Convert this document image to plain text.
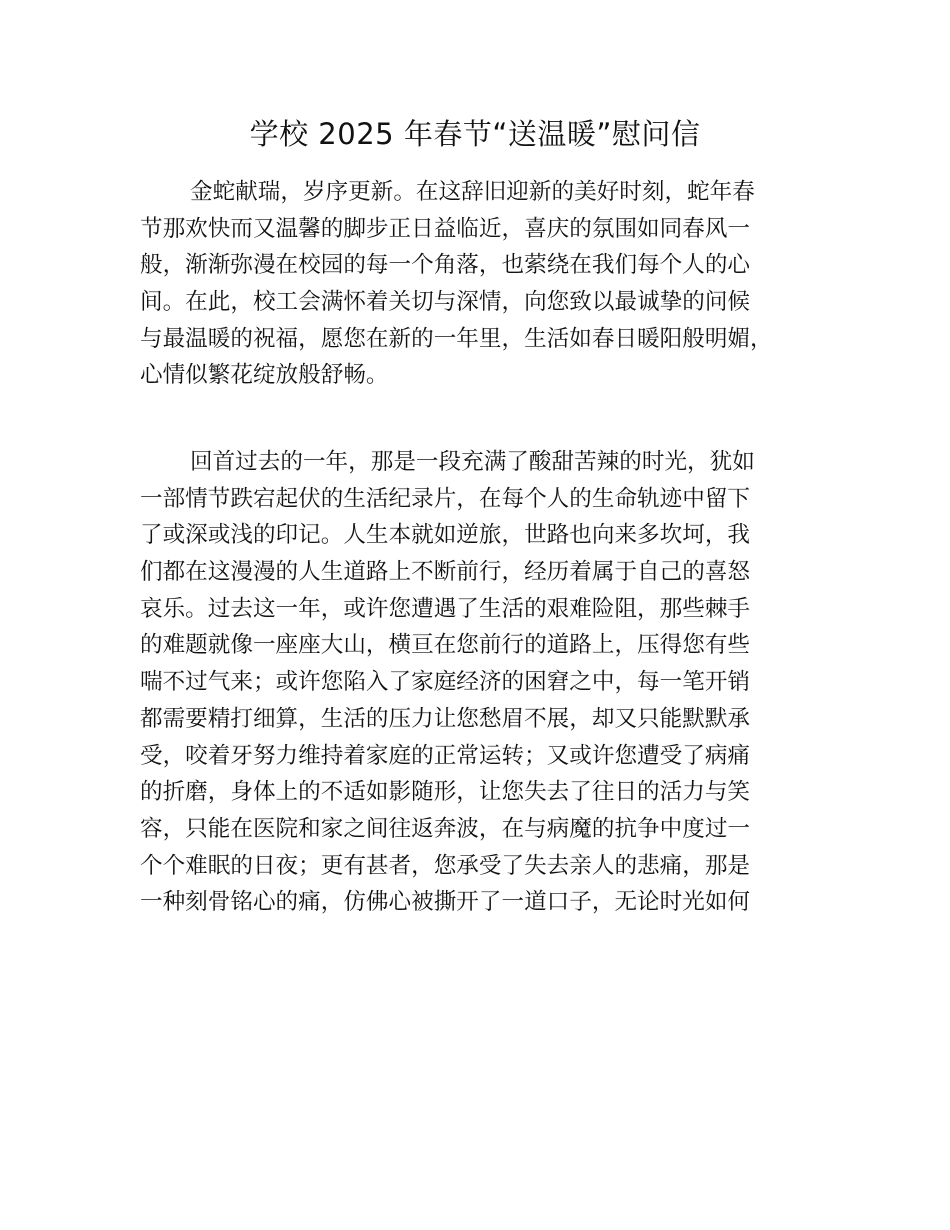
学校 2025 年春节“送温暖”慰问信
金蛇献瑞，岁序更新。在这辞旧迎新的美好时刻，蛇年春
节那欢快而又温馨的脚步正日益临近，喜庆的氛围如同春风一
般，渐渐弥漫在校园的每一个角落，也萦绕在我们每个人的心
间。在此，校工会满怀着关切与深情，向您致以最诚挚的问候
与最温暖的祝福，愿您在新的一年里，生活如春日暖阳般明媚，
心情似繁花绽放般舒畅。
回首过去的一年，那是一段充满了酸甜苦辣的时光，犹如
一部情节跌宕起伏的生活纪录片，在每个人的生命轨迹中留下
了或深或浅的印记。人生本就如逆旅，世路也向来多坎坷，我
们都在这漫漫的人生道路上不断前行，经历着属于自己的喜怒
哀乐。过去这一年，或许您遭遇了生活的艰难险阻，那些棘手
的难题就像一座座大山，横亘在您前行的道路上，压得您有些
喘不过气来；或许您陷入了家庭经济的困窘之中，每一笔开销
都需要精打细算，生活的压力让您愁眉不展，却又只能默默承
受，咬着牙努力维持着家庭的正常运转；又或许您遭受了病痛
的折磨，身体上的不适如影随形，让您失去了往日的活力与笑
容，只能在医院和家之间往返奔波，在与病魔的抗争中度过一
个个难眠的日夜；更有甚者，您承受了失去亲人的悲痛，那是
一种刻骨铭心的痛，仿佛心被撕开了一道口子，无论时光如何
